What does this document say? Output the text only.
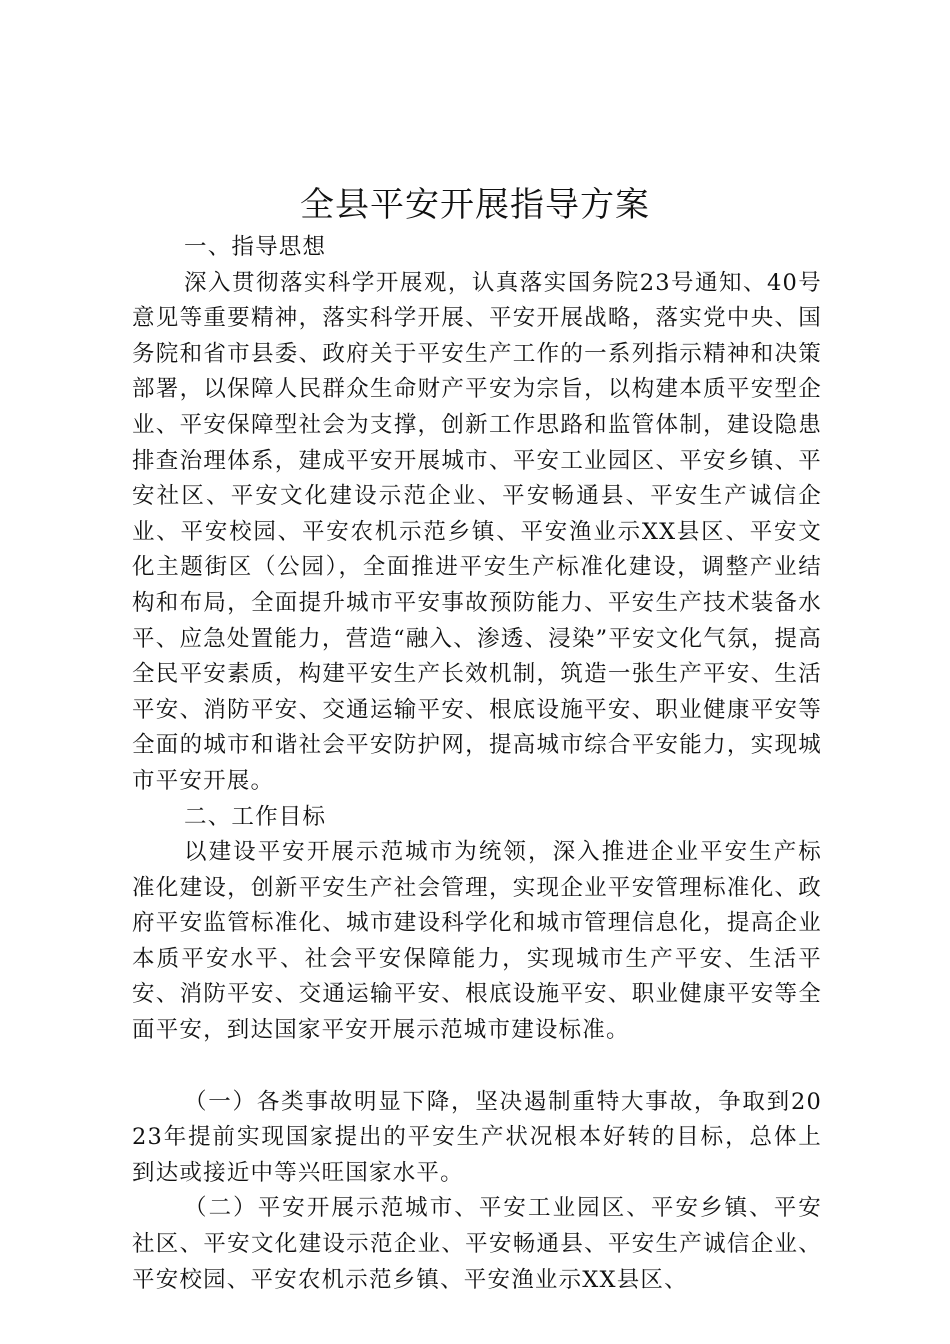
全县平安开展指导方案

一、指导思想

深入贯彻落实科学开展观，认真落实国务院23号通知、40号意见等重要精神，落实科学开展、平安开展战略，落实党中央、国务院和省市县委、政府关于平安生产工作的一系列指示精神和决策部署，以保障人民群众生命财产平安为宗旨，以构建本质平安型企业、平安保障型社会为支撑，创新工作思路和监管体制，建设隐患排查治理体系，建成平安开展城市、平安工业园区、平安乡镇、平安社区、平安文化建设示范企业、平安畅通县、平安生产诚信企业、平安校园、平安农机示范乡镇、平安渔业示XX县区、平安文化主题街区（公园），全面推进平安生产标准化建设，调整产业结构和布局，全面提升城市平安事故预防能力、平安生产技术装备水平、应急处置能力，营造“融入、渗透、浸染”平安文化气氛，提高全民平安素质，构建平安生产长效机制，筑造一张生产平安、生活平安、消防平安、交通运输平安、根底设施平安、职业健康平安等全面的城市和谐社会平安防护网，提高城市综合平安能力，实现城市平安开展。

二、工作目标

以建设平安开展示范城市为统领，深入推进企业平安生产标准化建设，创新平安生产社会管理，实现企业平安管理标准化、政府平安监管标准化、城市建设科学化和城市管理信息化，提高企业本质平安水平、社会平安保障能力，实现城市生产平安、生活平安、消防平安、交通运输平安、根底设施平安、职业健康平安等全面平安，到达国家平安开展示范城市建设标准。

（一）各类事故明显下降，坚决遏制重特大事故，争取到2023年提前实现国家提出的平安生产状况根本好转的目标，总体上到达或接近中等兴旺国家水平。

（二）平安开展示范城市、平安工业园区、平安乡镇、平安社区、平安文化建设示范企业、平安畅通县、平安生产诚信企业、平安校园、平安农机示范乡镇、平安渔业示XX县区、
